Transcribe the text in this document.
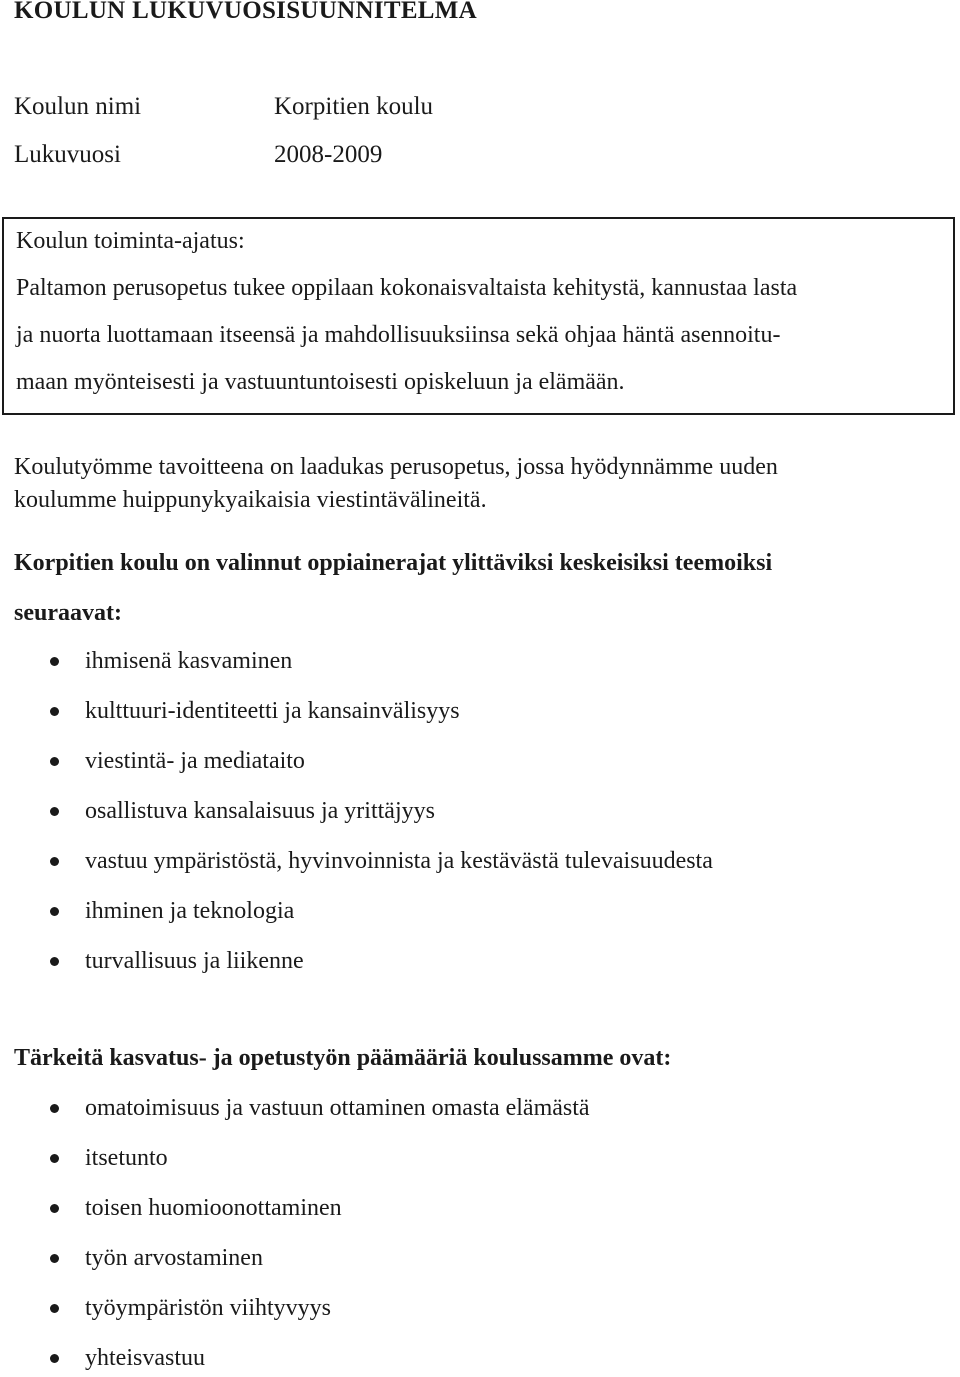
KOULUN LUKUVUOSISUUNNITELMA
Koulun nimi	Korpitien koulu
Lukuvuosi	2008-2009
Koulun toiminta-ajatus:
Paltamon perusopetus tukee oppilaan kokonaisvaltaista kehitystä, kannustaa lasta
ja nuorta luottamaan itseensä ja mahdollisuuksiinsa sekä ohjaa häntä asennoitu-
maan myönteisesti ja vastuuntuntoisesti opiskeluun ja elämään.
Koulutyömme tavoitteena on laadukas perusopetus, jossa hyödynnämme uuden
koulumme huippunykyaikaisia viestintävälineitä.
Korpitien koulu on valinnut oppiainerajat ylittäviksi keskeisiksi teemoiksi
seuraavat:
ihmisenä kasvaminen
kulttuuri-identiteetti ja kansainvälisyys
viestintä- ja mediataito
osallistuva kansalaisuus ja yrittäjyys
vastuu ympäristöstä, hyvinvoinnista ja kestävästä tulevaisuudesta
ihminen ja teknologia
turvallisuus ja liikenne
Tärkeitä kasvatus- ja opetustyön päämääriä koulussamme ovat:
omatoimisuus ja vastuun ottaminen omasta elämästä
itsetunto
toisen huomioonottaminen
työn arvostaminen
työympäristön viihtyvyys
yhteisvastuu
